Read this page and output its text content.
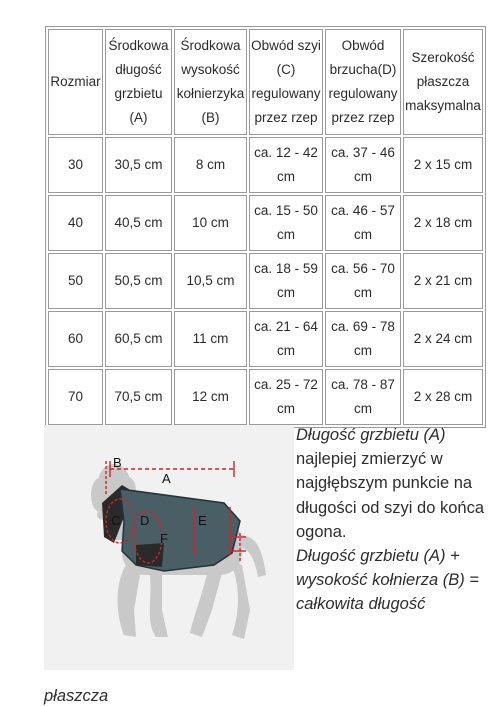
Rozmiar	Środkowa
długość
grzbietu
(A)	Środkowa
wysokość
kołnierzyka
(B)	Obwód szyi
(C)
regulowany
przez rzep	Obwód
brzucha(D)
regulowany
przez rzep	Szerokość
płaszcza
maksymalna

30	30,5 cm	8 cm	ca. 12 - 42
cm	ca. 37 - 46
cm	2 x 15 cm

40	40,5 cm	10 cm	ca. 15 - 50
cm	ca. 46 - 57
cm	2 x 18 cm

50	50,5 cm	10,5 cm	ca. 18 - 59
cm	ca. 56 - 70
cm	2 x 21 cm

60	60,5 cm	11 cm	ca. 21 - 64
cm	ca. 69 - 78
cm	2 x 24 cm

70	70,5 cm	12 cm	ca. 25 - 72
cm	ca. 78 - 87
cm	2 x 28 cm
B
A
C D	E
F
Długość grzbietu (A) najlepiej zmierzyć w najgłębszym punkcie na długości od szyi do końca ogona.
Długość grzbietu (A) + wysokość kołnierza (B) = całkowita długość
płaszcza
